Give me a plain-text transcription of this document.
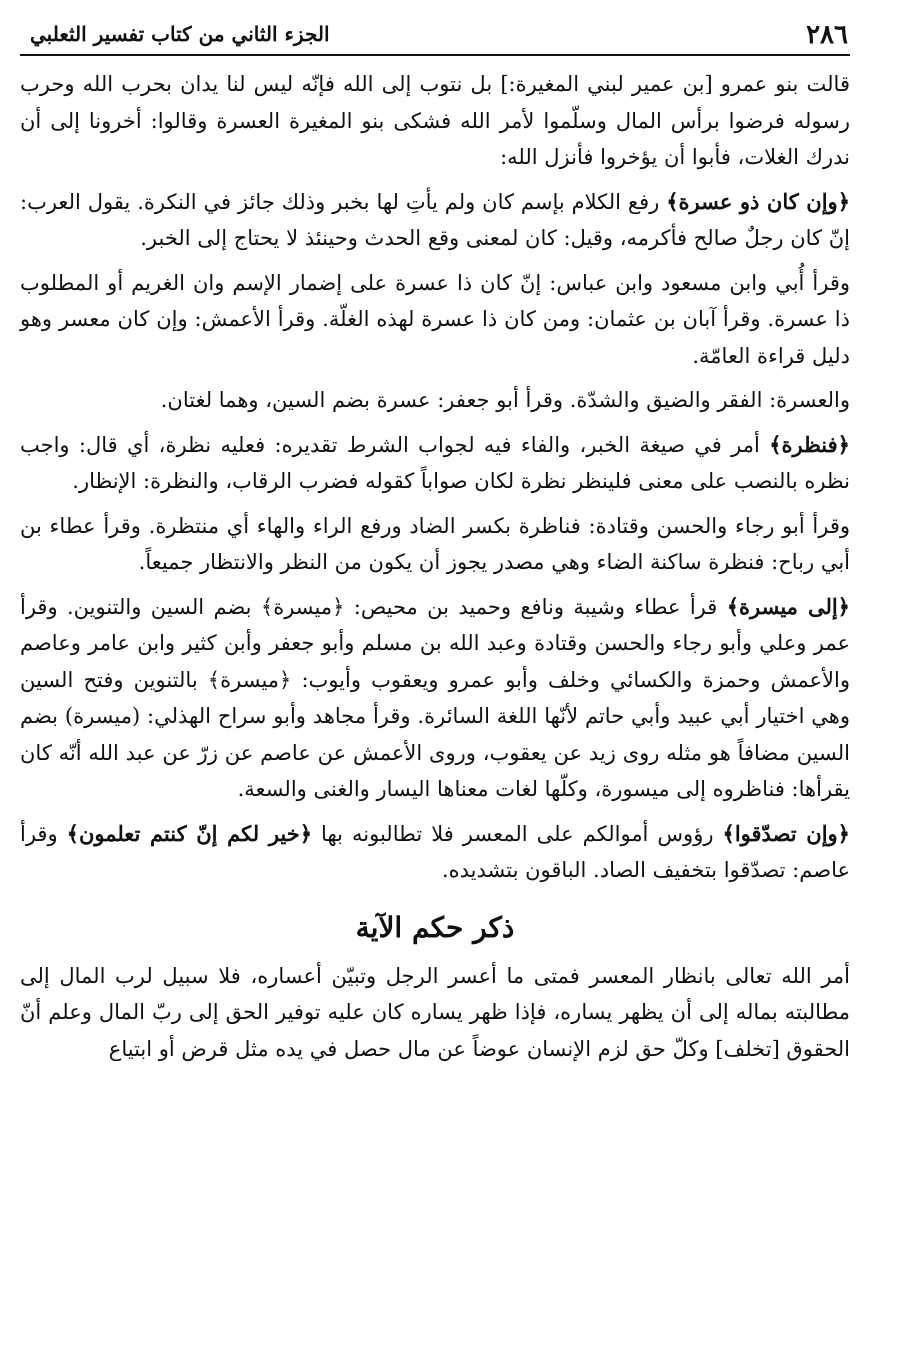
٢٨٦
الجزء الثاني من كتاب تفسير الثعلبي

قالت بنو عمرو [بن عمير لبني المغيرة:] بل نتوب إلى الله فإنّه ليس لنا يدان بحرب الله وحرب رسوله فرضوا برأس المال وسلّموا لأمر الله فشكى بنو المغيرة العسرة وقالوا: أخرونا إلى أن ندرك الغلات، فأبوا أن يؤخروا فأنزل الله:

﴿وإن كان ذو عسرة﴾ رفع الكلام بإسم كان ولم يأتِ لها بخبر وذلك جائز في النكرة. يقول العرب: إنّ كان رجلٌ صالح فأكرمه، وقيل: كان لمعنى وقع الحدث وحينئذ لا يحتاج إلى الخبر.

وقرأ أُبي وابن مسعود وابن عباس: إنّ كان ذا عسرة على إضمار الإسم وان الغريم أو المطلوب ذا عسرة. وقرأ آبان بن عثمان: ومن كان ذا عسرة لهذه الغلّة. وقرأ الأعمش: وإن كان معسر وهو دليل قراءة العامّة.

والعسرة: الفقر والضيق والشدّة. وقرأ أبو جعفر: عسرة بضم السين، وهما لغتان.

﴿فنظرة﴾ أمر في صيغة الخبر، والفاء فيه لجواب الشرط تقديره: فعليه نظرة، أي قال: واجب نظره بالنصب على معنى فلينظر نظرة لكان صواباً كقوله فضرب الرقاب، والنظرة: الإنظار.

وقرأ أبو رجاء والحسن وقتادة: فناظرة بكسر الضاد ورفع الراء والهاء أي منتظرة. وقرأ عطاء بن أبي رباح: فنظرة ساكنة الضاء وهي مصدر يجوز أن يكون من النظر والانتظار جميعاً.

﴿إلى ميسرة﴾ قرأ عطاء وشيبة ونافع وحميد بن محيص: ﴿ميسرة﴾ بضم السين والتنوين. وقرأ عمر وعلي وأبو رجاء والحسن وقتادة وعبد الله بن مسلم وأبو جعفر وأبن كثير وابن عامر وعاصم والأعمش وحمزة والكسائي وخلف وأبو عمرو ويعقوب وأيوب: ﴿ميسرة﴾ بالتنوين وفتح السين وهي اختيار أبي عبيد وأبي حاتم لأنّها اللغة السائرة. وقرأ مجاهد وأبو سراح الهذلي: (ميسرة) بضم السين مضافاً هو مثله روى زيد عن يعقوب، وروى الأعمش عن عاصم عن زرّ عن عبد الله أنّه كان يقرأها: فناظروه إلى ميسورة، وكلّها لغات معناها اليسار والغنى والسعة.

﴿وإن تصدّقوا﴾ رؤوس أموالكم على المعسر فلا تطالبونه بها ﴿خير لكم إنّ كنتم تعلمون﴾ وقرأ عاصم: تصدّقوا بتخفيف الصاد. الباقون بتشديده.

ذكر حكم الآية

أمر الله تعالى بانظار المعسر فمتى ما أعسر الرجل وتبيّن أعساره، فلا سبيل لرب المال إلى مطالبته بماله إلى أن يظهر يساره، فإذا ظهر يساره كان عليه توفير الحق إلى ربّ المال وعلم أنّ الحقوق [تخلف] وكلّ حق لزم الإنسان عوضاً عن مال حصل في يده مثل قرض أو ابتياع
